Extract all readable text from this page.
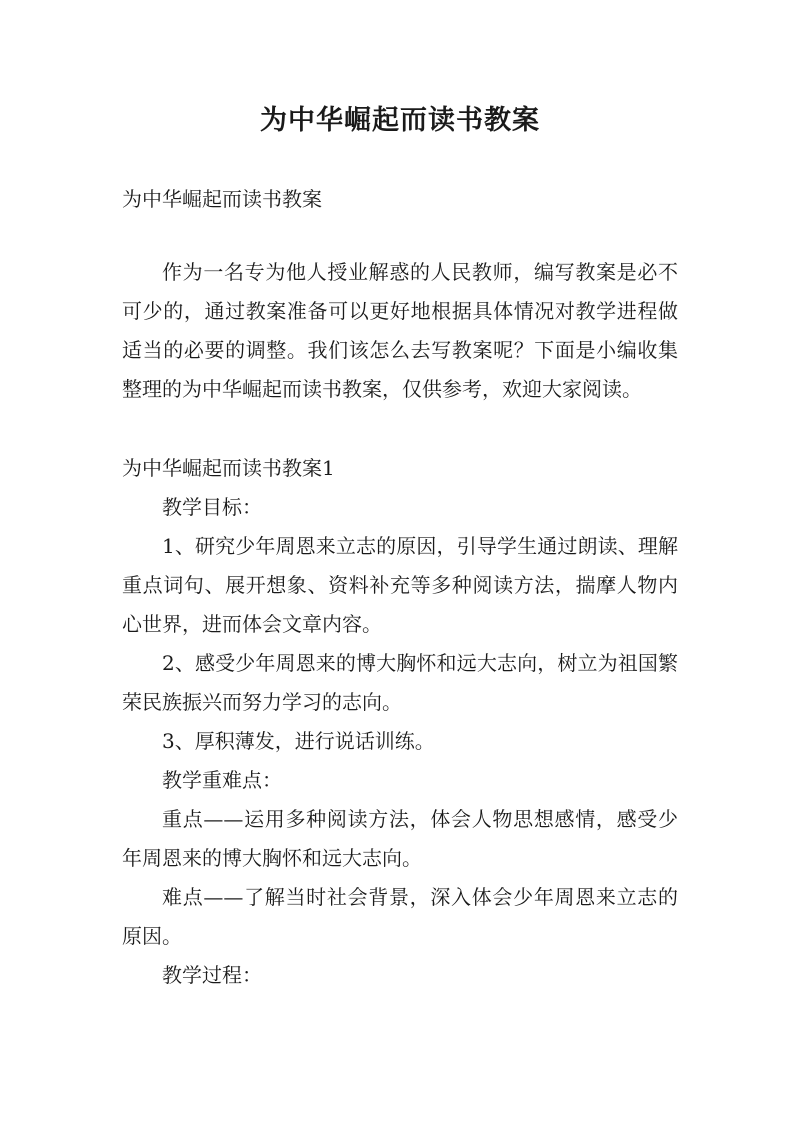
为中华崛起而读书教案

为中华崛起而读书教案

作为一名专为他人授业解惑的人民教师，编写教案是必不可少的，通过教案准备可以更好地根据具体情况对教学进程做适当的必要的调整。我们该怎么去写教案呢？下面是小编收集整理的为中华崛起而读书教案，仅供参考，欢迎大家阅读。

为中华崛起而读书教案1

教学目标：

1、研究少年周恩来立志的原因，引导学生通过朗读、理解重点词句、展开想象、资料补充等多种阅读方法，揣摩人物内心世界，进而体会文章内容。

2、感受少年周恩来的博大胸怀和远大志向，树立为祖国繁荣民族振兴而努力学习的志向。

3、厚积薄发，进行说话训练。

教学重难点：

重点——运用多种阅读方法，体会人物思想感情，感受少年周恩来的博大胸怀和远大志向。

难点——了解当时社会背景，深入体会少年周恩来立志的原因。

教学过程：
